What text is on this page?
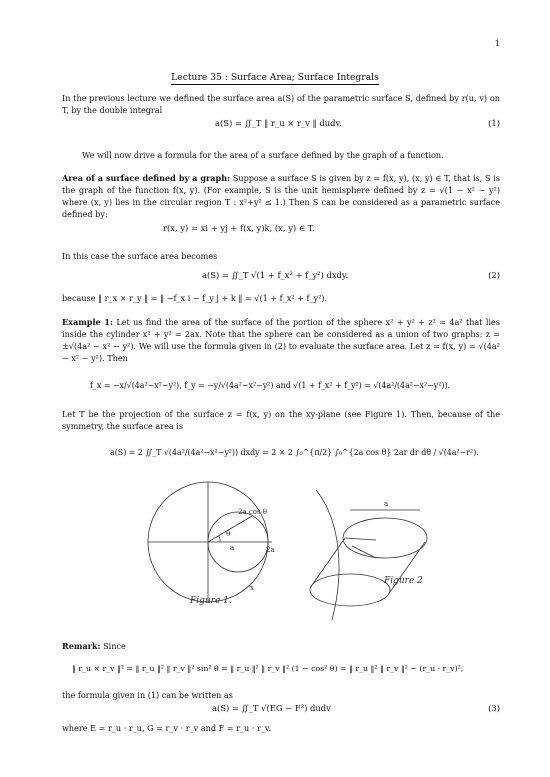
1
Lecture 35 : Surface Area; Surface Integrals
In the previous lecture we defined the surface area a(S) of the parametric surface S, defined by r(u, v) on T, by the double integral
a(S) = ∬_T ‖ r_u × r_v ‖ dudv.	(1)
We will now drive a formula for the area of a surface defined by the graph of a function.
Area of a surface defined by a graph: Suppose a surface S is given by z = f(x, y), (x, y) ∈ T, that is, S is the graph of the function f(x, y). (For example, S is the unit hemisphere defined by z = √(1 − x² − y²) where (x, y) lies in the circular region T : x²+y² ≤ 1.) Then S can be considered as a parametric surface defined by:
r(x, y) = xi + yj + f(x, y)k, (x, y) ∈ T.
In this case the surface area becomes
a(S) = ∬_T √(1 + f_x² + f_y²) dxdy.	(2)
because ‖ r_x × r_y ‖ = ‖ −f_x i − f_y j + k ‖ = √(1 + f_x² + f_y²).
Example 1: Let us find the area of the surface of the portion of the sphere x² + y² + z² = 4a² that lies inside the cylinder x² + y² = 2ax. Note that the sphere can be considered as a union of two graphs: z = ±√(4a² − x² − y²). We will use the formula given in (2) to evaluate the surface area. Let z = f(x, y) = √(4a² − x² − y²). Then
f_x = −x/√(4a²−x²−y²), f_y = −y/√(4a²−x²−y²) and √(1 + f_x² + f_y²) = √(4a²/(4a²−x²−y²)).
Let T be the projection of the surface z = f(x, y) on the xy-plane (see Figure 1). Then, because of the symmetry, the surface area is
a(S) = 2 ∬_T √(4a²/(4a²−x²−y²)) dxdy = 2 × 2 ∫₀^{π/2} ∫₀^{2a cos θ} 2ar dr dθ / √(4a²−r²).
2a cos θ
θ
a	2a
x
a
Figure 1.
Figure 2
Remark: Since
‖ r_u × r_v ‖² = ‖ r_u ‖² ‖ r_v ‖² sin² θ = ‖ r_u ‖² ‖ r_v ‖² (1 − cos² θ) = ‖ r_u ‖² ‖ r_v ‖² − (r_u · r_v)²,
the formula given in (1) can be written as
a(S) = ∬_T √(EG − F²) dudv	(3)
where E = r_u · r_u, G = r_v · r_v and F = r_u · r_v.
